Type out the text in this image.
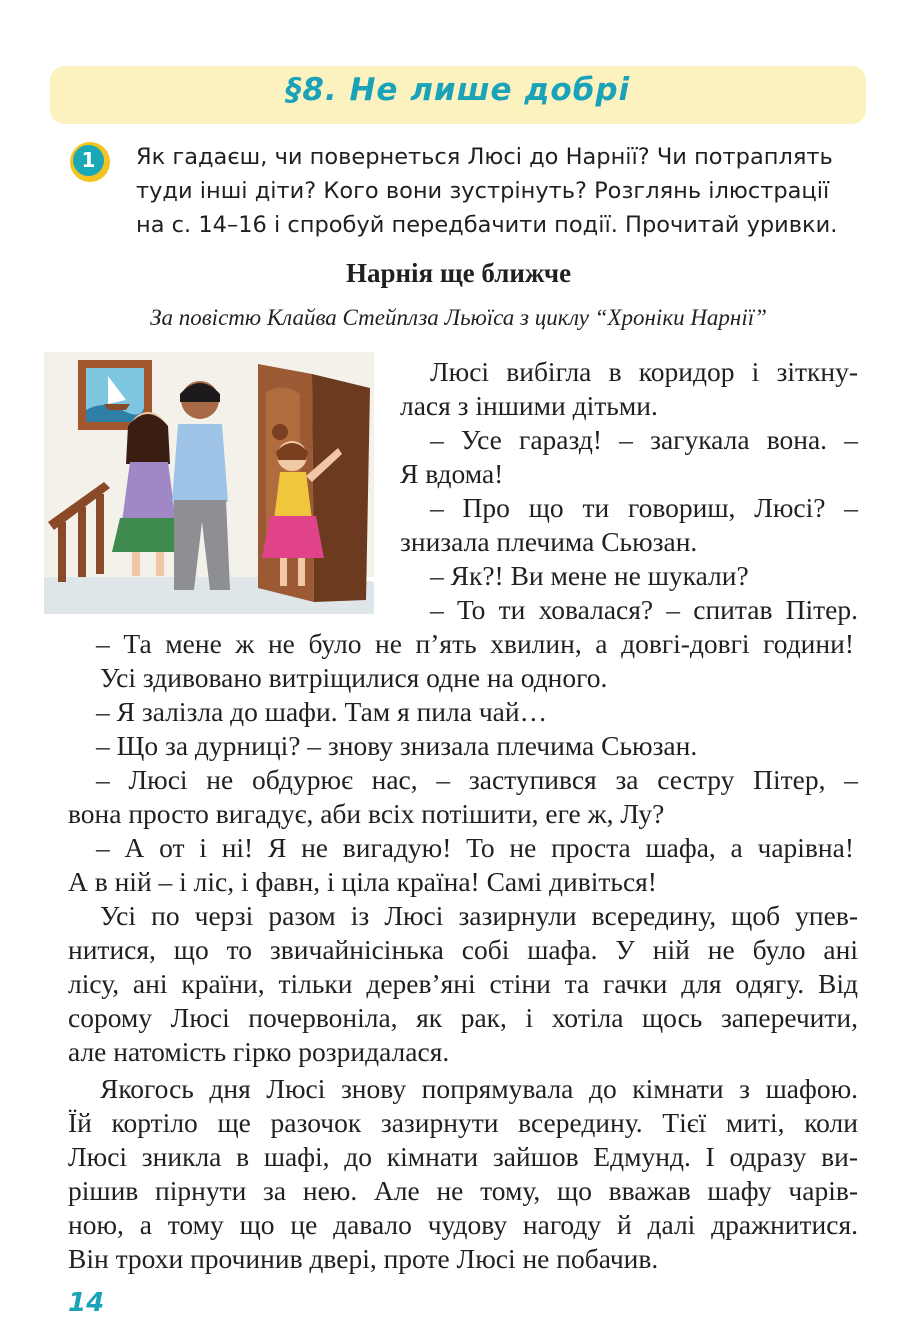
§8. Не лише добрі
1	Як гадаєш, чи повернеться Люсі до Нарнії? Чи потраплять
туди інші діти? Кого вони зустрінуть? Розглянь ілюстрації
на с. 14–16 і спробуй передбачити події. Прочитай уривки.
Нарнія ще ближче
За повістю Клайва Стейплза Льюїса з циклу “Хроніки Нарнії”
Люсі вибігла в коридор і зіткну-
лася з іншими дітьми.
– Усе гаразд! – загукала вона. –
Я вдома!
– Про що ти говориш, Люсі? –
знизала плечима Сьюзан.
– Як?! Ви мене не шукали?
– То ти ховалася? – спитав Пітер.
– Та мене ж не було не п’ять хвилин, а довгі-довгі години!
Усі здивовано витріщилися одне на одного.
– Я залізла до шафи. Там я пила чай…
– Що за дурниці? – знову знизала плечима Сьюзан.
– Люсі не обдурює нас, – заступився за сестру Пітер, –
вона просто вигадує, аби всіх потішити, еге ж, Лу?
– А от і ні! Я не вигадую! То не проста шафа, а чарівна!
А в ній – і ліс, і фавн, і ціла країна! Самі дивіться!
Усі по черзі разом із Люсі зазирнули всередину, щоб упев-
нитися, що то звичайнісінька собі шафа. У ній не було ані
лісу, ані країни, тільки дерев’яні стіни та гачки для одягу. Від
сорому Люсі почервоніла, як рак, і хотіла щось заперечити,
але натомість гірко розридалася.
Якогось дня Люсі знову попрямувала до кімнати з шафою.
Їй кортіло ще разочок зазирнути всередину. Тієї миті, коли
Люсі зникла в шафі, до кімнати зайшов Едмунд. І одразу ви-
рішив пірнути за нею. Але не тому, що вважав шафу чарів-
ною, а тому що це давало чудову нагоду й далі дражнитися.
Він трохи прочинив двері, проте Люсі не побачив.
14
